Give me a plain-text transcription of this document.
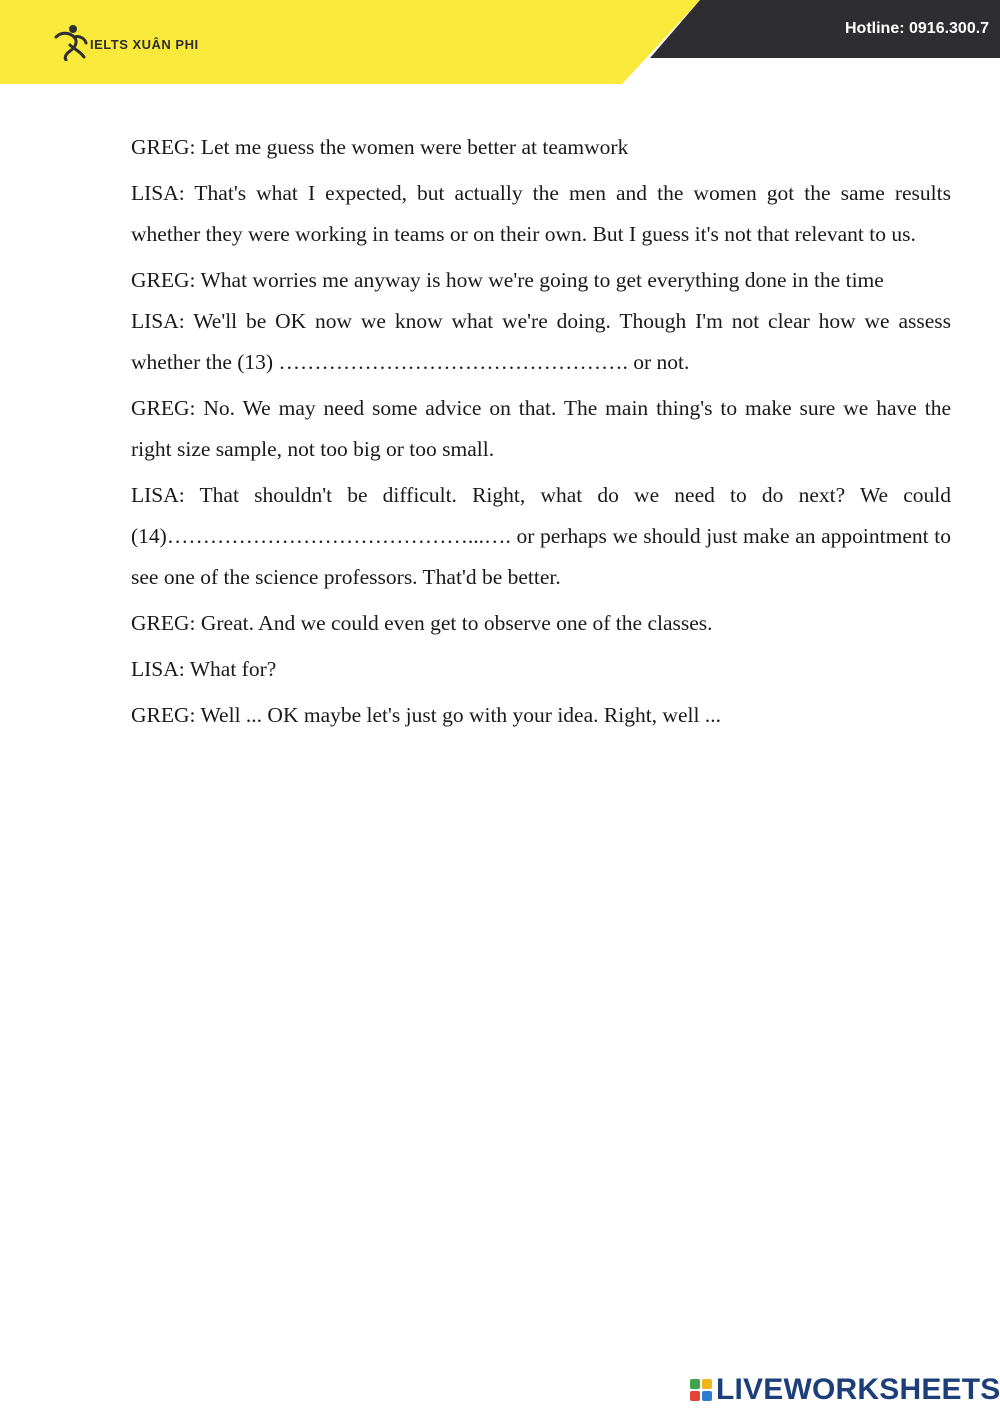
IELTS XUÂN PHI
Hotline: 0916.300.7

GREG: Let me guess the women were better at teamwork

LISA: That's what I expected, but actually the men and the women got the same results whether they were working in teams or on their own. But I guess it's not that relevant to us.

GREG: What worries me anyway is how we're going to get everything done in the time

LISA: We'll be OK now we know what we're doing. Though I'm not clear how we assess whether the (13) …………………………………………. or not.

GREG: No. We may need some advice on that. The main thing's to make sure we have the right size sample, not too big or too small.

LISA: That shouldn't be difficult. Right, what do we need to do next? We could (14)……………………………………...…. or perhaps we should just make an appointment to see one of the science professors. That'd be better.

GREG: Great. And we could even get to observe one of the classes.

LISA: What for?

GREG: Well ... OK maybe let's just go with your idea. Right, well ...

LIVEWORKSHEETS
